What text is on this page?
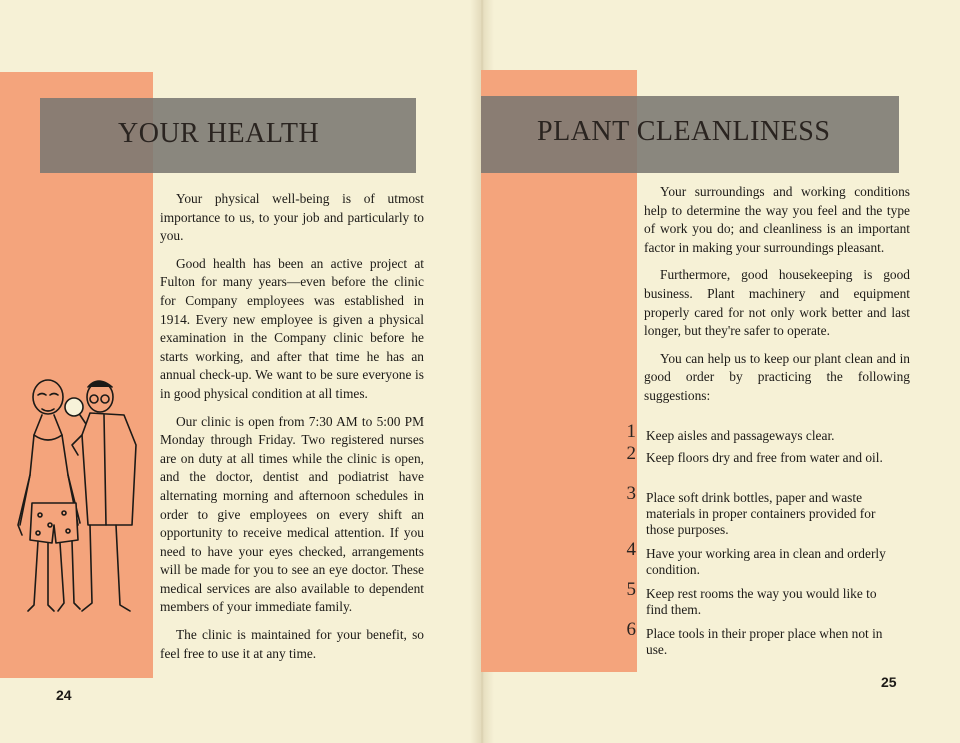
YOUR HEALTH

Your physical well-being is of utmost importance to us, to your job and particularly to you.

Good health has been an active project at Fulton for many years—even before the clinic for Company employees was established in 1914. Every new employee is given a physical examination in the Company clinic before he starts working, and after that time he has an annual check-up. We want to be sure everyone is in good physical condition at all times.

Our clinic is open from 7:30 AM to 5:00 PM Monday through Friday. Two registered nurses are on duty at all times while the clinic is open, and the doctor, dentist and podiatrist have alternating morning and afternoon schedules in order to give employees on every shift an opportunity to receive medical attention. If you need to have your eyes checked, arrangements will be made for you to see an eye doctor. These medical services are also available to dependent members of your immediate family.

The clinic is maintained for your benefit, so feel free to use it at any time.

24
PLANT CLEANLINESS

Your surroundings and working conditions help to determine the way you feel and the type of work you do; and cleanliness is an important factor in making your surroundings pleasant.

Furthermore, good housekeeping is good business. Plant machinery and equipment properly cared for not only work better and last longer, but they're safer to operate.

You can help us to keep our plant clean and in good order by practicing the following suggestions:

1 Keep aisles and passageways clear.
2 Keep floors dry and free from water and oil.
3 Place soft drink bottles, paper and waste materials in proper containers provided for those purposes.
4 Have your working area in clean and orderly condition.
5 Keep rest rooms the way you would like to find them.
6 Place tools in their proper place when not in use.
25
